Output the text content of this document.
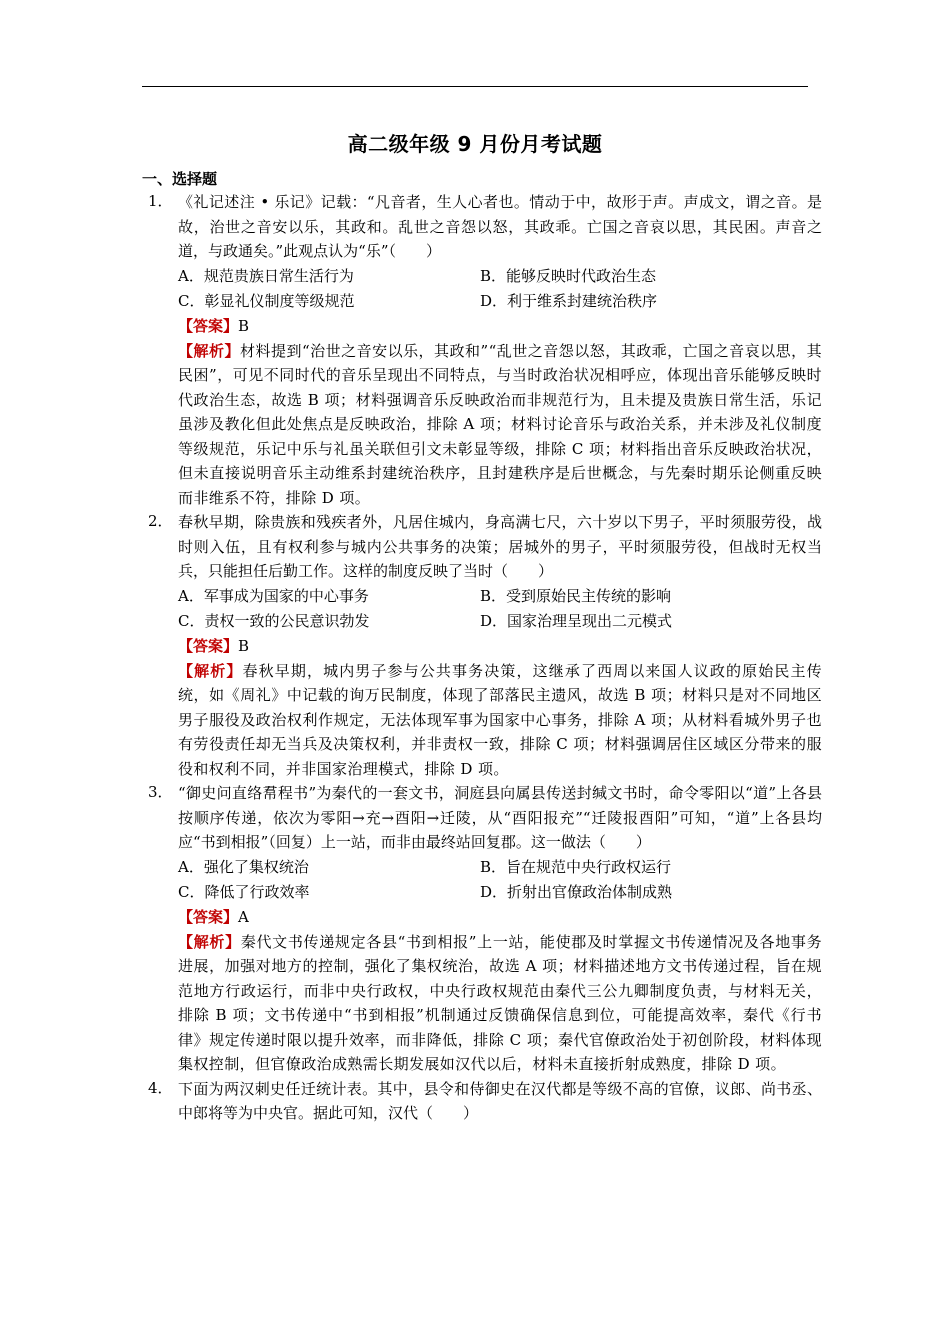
高二级年级 9 月份月考试题
一、选择题
1． 《礼记述注 • 乐记》记载：“凡音者，生人心者也。情动于中，故形于声。声成文，谓之音。是故，治世之音安以乐，其政和。乱世之音怨以怒，其政乖。亡国之音哀以思，其民困。声音之道，与政通矣。”此观点认为“乐”（　　）
A．规范贵族日常生活行为	B．能够反映时代政治生态
C．彰显礼仪制度等级规范	D．利于维系封建统治秩序
【答案】B
【解析】材料提到“治世之音安以乐，其政和”“乱世之音怨以怒，其政乖，亡国之音哀以思，其民困”，可见不同时代的音乐呈现出不同特点，与当时政治状况相呼应，体现出音乐能够反映时代政治生态，故选 B 项；材料强调音乐反映政治而非规范行为，且未提及贵族日常生活，乐记虽涉及教化但此处焦点是反映政治，排除 A 项；材料讨论音乐与政治关系，并未涉及礼仪制度等级规范，乐记中乐与礼虽关联但引文未彰显等级，排除 C 项；材料指出音乐反映政治状况，但未直接说明音乐主动维系封建统治秩序，且封建秩序是后世概念，与先秦时期乐论侧重反映而非维系不符，排除 D 项。
2． 春秋早期，除贵族和残疾者外，凡居住城内，身高满七尺，六十岁以下男子，平时须服劳役，战时则入伍，且有权利参与城内公共事务的决策；居城外的男子，平时须服劳役，但战时无权当兵，只能担任后勤工作。这样的制度反映了当时（　　）
A．军事成为国家的中心事务	B．受到原始民主传统的影响
C．责权一致的公民意识勃发	D．国家治理呈现出二元模式
【答案】B
【解析】春秋早期，城内男子参与公共事务决策，这继承了西周以来国人议政的原始民主传统，如《周礼》中记载的询万民制度，体现了部落民主遗风，故选 B 项；材料只是对不同地区男子服役及政治权利作规定，无法体现军事为国家中心事务，排除 A 项；从材料看城外男子也有劳役责任却无当兵及决策权利，并非责权一致，排除 C 项；材料强调居住区域区分带来的服役和权利不同，并非国家治理模式，排除 D 项。
3． “御史问直络帬程书”为秦代的一套文书，洞庭县向属县传送封缄文书时，命令零阳以“道”上各县按顺序传递，依次为零阳→充→酉阳→迁陵，从“酉阳报充”“迁陵报酉阳”可知，“道”上各县均应“书到相报”（回复）上一站，而非由最终站回复郡。这一做法（　　）
A．强化了集权统治	B．旨在规范中央行政权运行
C．降低了行政效率	D．折射出官僚政治体制成熟
【答案】A
【解析】秦代文书传递规定各县“书到相报”上一站，能使郡及时掌握文书传递情况及各地事务进展，加强对地方的控制，强化了集权统治，故选 A 项；材料描述地方文书传递过程，旨在规范地方行政运行，而非中央行政权，中央行政权规范由秦代三公九卿制度负责，与材料无关，排除 B 项；文书传递中“书到相报”机制通过反馈确保信息到位，可能提高效率，秦代《行书律》规定传递时限以提升效率，而非降低，排除 C 项；秦代官僚政治处于初创阶段，材料体现集权控制，但官僚政治成熟需长期发展如汉代以后，材料未直接折射成熟度，排除 D 项。
4． 下面为两汉刺史任迁统计表。其中，县令和侍御史在汉代都是等级不高的官僚，议郎、尚书丞、中郎将等为中央官。据此可知，汉代（　　）
